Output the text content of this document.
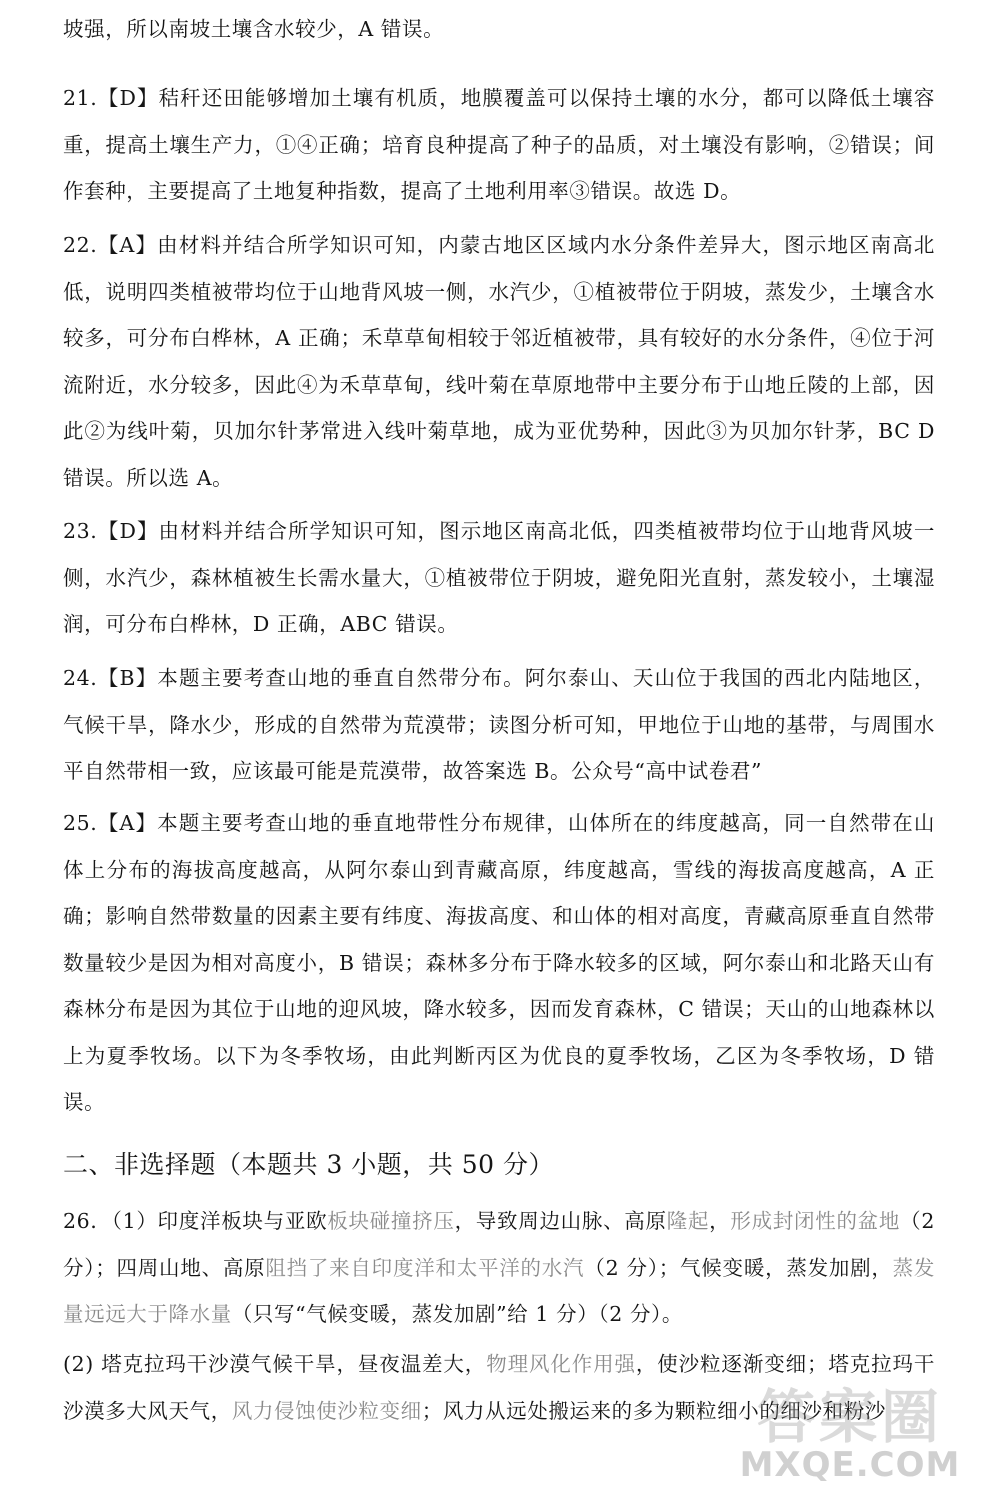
坡强，所以南坡土壤含水较少，A 错误。
21.【D】秸秆还田能够增加土壤有机质，地膜覆盖可以保持土壤的水分，都可以降低土壤容重，提高土壤生产力，①④正确；培育良种提高了种子的品质，对土壤没有影响，②错误；间作套种，主要提高了土地复种指数，提高了土地利用率③错误。故选 D。
22.【A】由材料并结合所学知识可知，内蒙古地区区域内水分条件差异大，图示地区南高北低，说明四类植被带均位于山地背风坡一侧，水汽少，①植被带位于阴坡，蒸发少，土壤含水较多，可分布白桦林，A 正确；禾草草甸相较于邻近植被带，具有较好的水分条件，④位于河流附近，水分较多，因此④为禾草草甸，线叶菊在草原地带中主要分布于山地丘陵的上部，因此②为线叶菊，贝加尔针茅常进入线叶菊草地，成为亚优势种，因此③为贝加尔针茅，BC D 错误。所以选 A。
23.【D】由材料并结合所学知识可知，图示地区南高北低，四类植被带均位于山地背风坡一侧，水汽少，森林植被生长需水量大，①植被带位于阴坡，避免阳光直射，蒸发较小，土壤湿润，可分布白桦林，D 正确，ABC 错误。
24.【B】本题主要考查山地的垂直自然带分布。阿尔泰山、天山位于我国的西北内陆地区，气候干旱，降水少，形成的自然带为荒漠带；读图分析可知，甲地位于山地的基带，与周围水平自然带相一致，应该最可能是荒漠带，故答案选 B。公众号“高中试卷君”
25.【A】本题主要考查山地的垂直地带性分布规律，山体所在的纬度越高，同一自然带在山体上分布的海拔高度越高，从阿尔泰山到青藏高原，纬度越高，雪线的海拔高度越高，A 正确；影响自然带数量的因素主要有纬度、海拔高度、和山体的相对高度，青藏高原垂直自然带数量较少是因为相对高度小，B 错误；森林多分布于降水较多的区域，阿尔泰山和北路天山有森林分布是因为其位于山地的迎风坡，降水较多，因而发育森林，C 错误；天山的山地森林以上为夏季牧场。以下为冬季牧场，由此判断丙区为优良的夏季牧场，乙区为冬季牧场，D 错误。
二、非选择题（本题共 3 小题，共 50 分）
26．（1）印度洋板块与亚欧板块碰撞挤压，导致周边山脉、高原隆起，形成封闭性的盆地（2 分）；四周山地、高原阻挡了来自印度洋和太平洋的水汽（2 分）；气候变暖，蒸发加剧，蒸发量远远大于降水量（只写“气候变暖，蒸发加剧”给 1 分）（2 分）。
(2) 塔克拉玛干沙漠气候干旱，昼夜温差大，物理风化作用强，使沙粒逐渐变细；塔克拉玛干沙漠多大风天气，风力侵蚀使沙粒变细；风力从远处搬运来的多为颗粒细小的细沙和粉沙
答案圈
MXQE.COM
